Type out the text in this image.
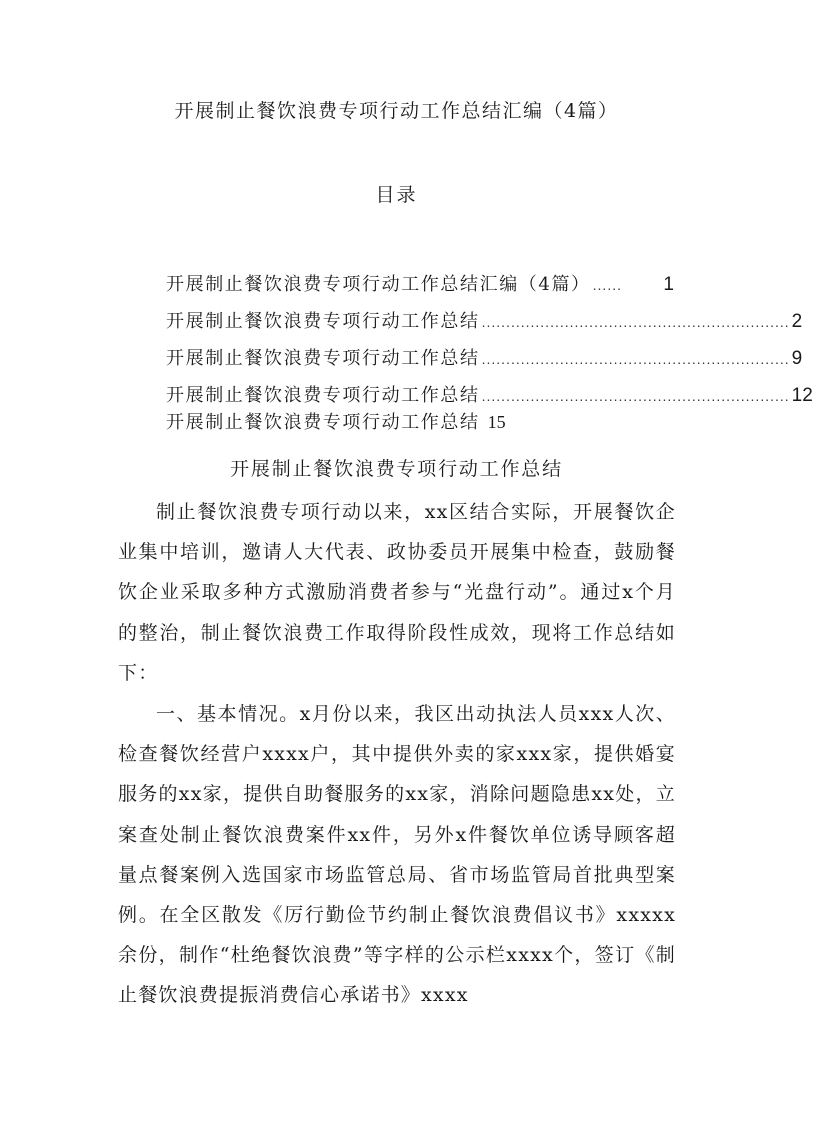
开展制止餐饮浪费专项行动工作总结汇编（4篇）
目录
开展制止餐饮浪费专项行动工作总结汇编（4篇） ......	1
开展制止餐饮浪费专项行动工作总结 ............................................................... 2
开展制止餐饮浪费专项行动工作总结 ............................................................... 9
开展制止餐饮浪费专项行动工作总结 ............................................................... 12
开展制止餐饮浪费专项行动工作总结 15
开展制止餐饮浪费专项行动工作总结

制止餐饮浪费专项行动以来，xx区结合实际，开展餐饮企业集中培训，邀请人大代表、政协委员开展集中检查，鼓励餐饮企业采取多种方式激励消费者参与“光盘行动”。通过x个月的整治，制止餐饮浪费工作取得阶段性成效，现将工作总结如下：

一、基本情况。x月份以来，我区出动执法人员xxx人次、检查餐饮经营户xxxx户，其中提供外卖的家xxx家，提供婚宴服务的xx家，提供自助餐服务的xx家，消除问题隐患xx处，立案查处制止餐饮浪费案件xx件，另外x件餐饮单位诱导顾客超量点餐案例入选国家市场监管总局、省市场监管局首批典型案例。在全区散发《厉行勤俭节约制止餐饮浪费倡议书》xxxxx余份，制作“杜绝餐饮浪费”等字样的公示栏xxxx个，签订《制止餐饮浪费提振消费信心承诺书》xxxx
